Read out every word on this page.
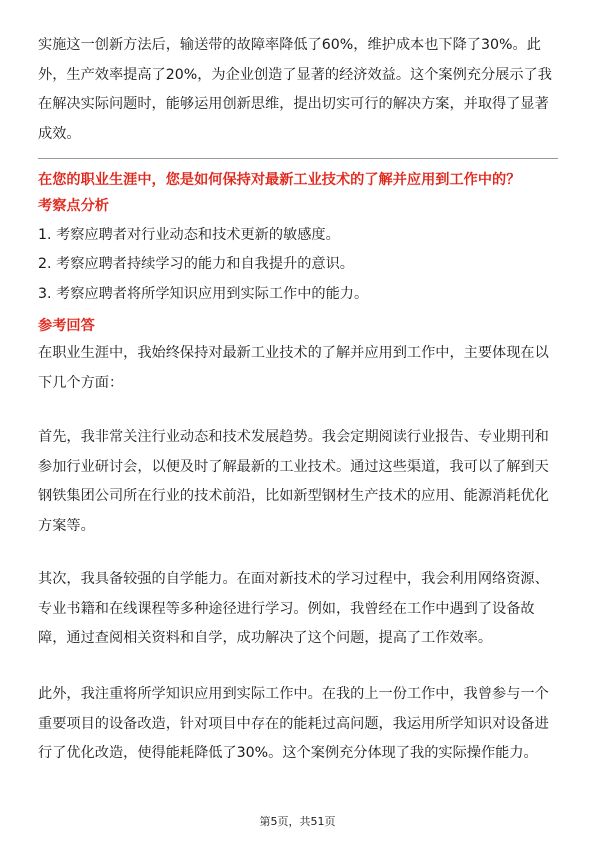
实施这一创新方法后，输送带的故障率降低了60%，维护成本也下降了30%。此外，生产效率提高了20%，为企业创造了显著的经济效益。这个案例充分展示了我在解决实际问题时，能够运用创新思维，提出切实可行的解决方案，并取得了显著成效。

在您的职业生涯中，您是如何保持对最新工业技术的了解并应用到工作中的？

考察点分析

1. 考察应聘者对行业动态和技术更新的敏感度。

2. 考察应聘者持续学习的能力和自我提升的意识。

3. 考察应聘者将所学知识应用到实际工作中的能力。

参考回答

在职业生涯中，我始终保持对最新工业技术的了解并应用到工作中，主要体现在以下几个方面：

首先，我非常关注行业动态和技术发展趋势。我会定期阅读行业报告、专业期刊和参加行业研讨会，以便及时了解最新的工业技术。通过这些渠道，我可以了解到天钢铁集团公司所在行业的技术前沿，比如新型钢材生产技术的应用、能源消耗优化方案等。

其次，我具备较强的自学能力。在面对新技术的学习过程中，我会利用网络资源、专业书籍和在线课程等多种途径进行学习。例如，我曾经在工作中遇到了设备故障，通过查阅相关资料和自学，成功解决了这个问题，提高了工作效率。

此外，我注重将所学知识应用到实际工作中。在我的上一份工作中，我曾参与一个重要项目的设备改造，针对项目中存在的能耗过高问题，我运用所学知识对设备进行了优化改造，使得能耗降低了30%。这个案例充分体现了我的实际操作能力。

第5页，共51页
